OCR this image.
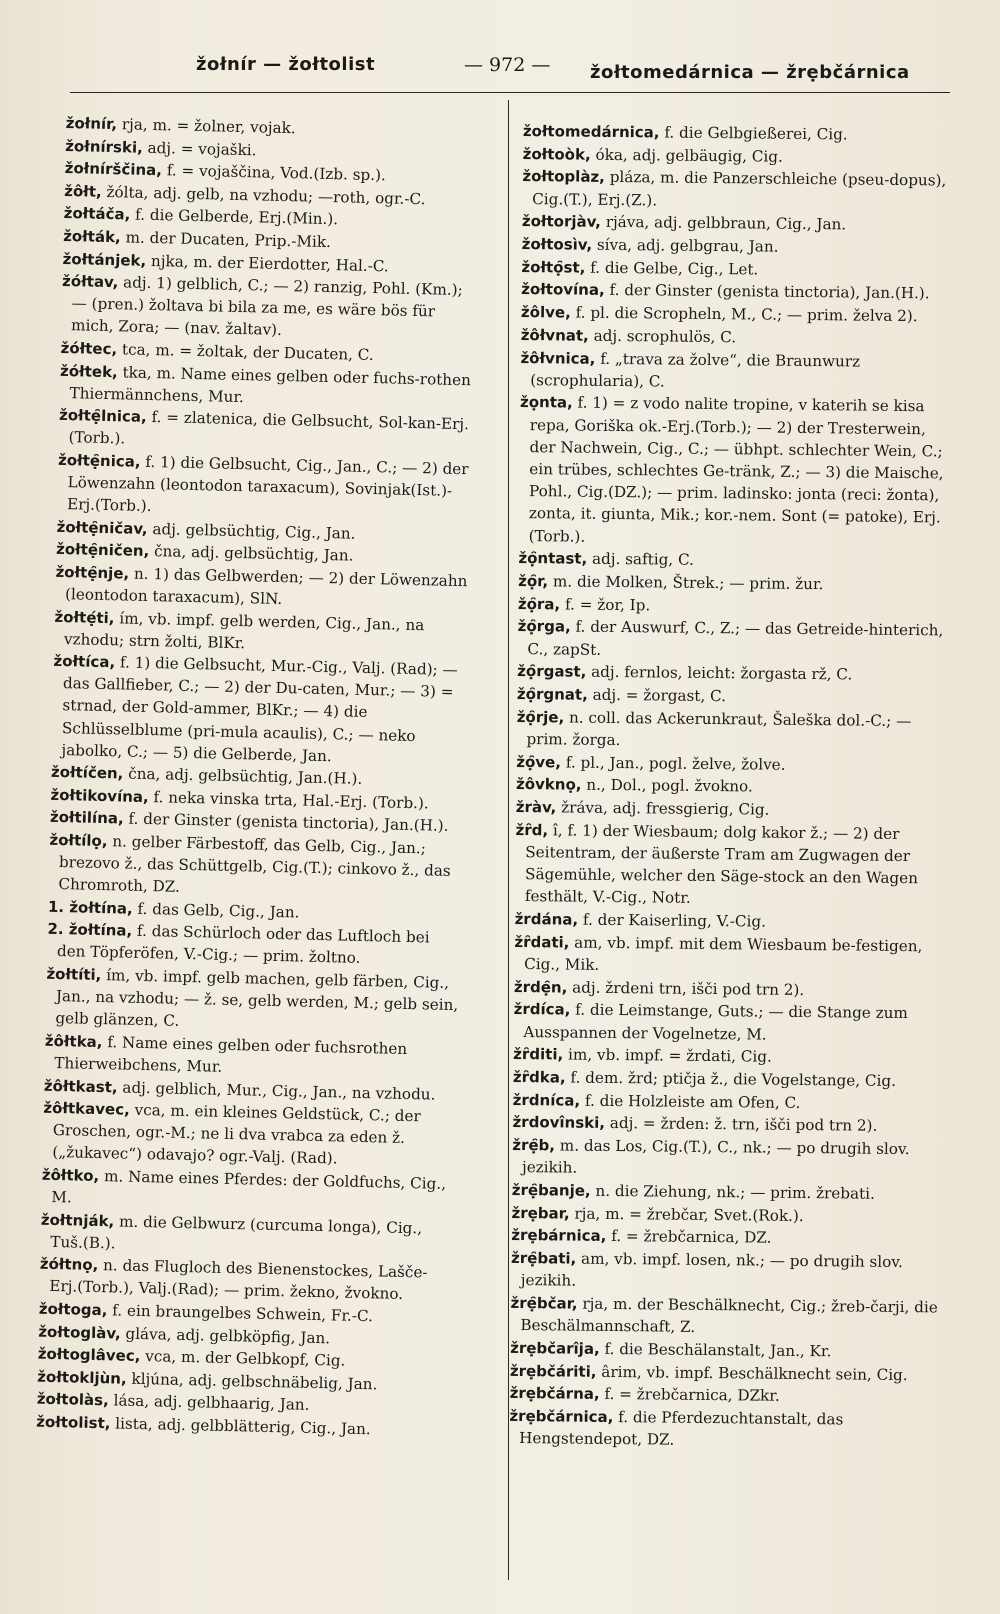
žołnír — žołtolist	— 972 — žołtomedárnica — žrẹbčárnica
žołnír, rja, m. = žolner, vojak.
žołnírski, adj. = vojaški.
žołnírščina, f. = vojaščina, Vod.(Izb. sp.).
žôłt, žólta, adj. gelb, na vzhodu; —roth, ogr.-C.
žołtáča, f. die Gelberde, Erj.(Min.).
žołták, m. der Ducaten, Prip.-Mik.
žołtánjek, njka, m. der Eierdotter, Hal.-C.
žółtav, adj. 1) gelblich, C.; — 2) ranzig, Pohl. (Km.); — (pren.) žoltava bi bila za me, es wäre bös für mich, Zora; — (nav. žaltav).
žółtec, tca, m. = žoltak, der Ducaten, C.
žółtek, tka, m. Name eines gelben oder fuchs-rothen Thiermännchens, Mur.
žołtẹ̑lnica, f. = zlatenica, die Gelbsucht, Sol-kan-Erj.(Torb.).
žołtẹ̑nica, f. 1) die Gelbsucht, Cig., Jan., C.; — 2) der Löwenzahn (leontodon taraxacum), Sovinjak(Ist.)-Erj.(Torb.).
žołtẹ̑ničav, adj. gelbsüchtig, Cig., Jan.
žołtẹ̑ničen, čna, adj. gelbsüchtig, Jan.
žołtẹ̑nje, n. 1) das Gelbwerden; — 2) der Löwenzahn (leontodon taraxacum), SlN.
žołtẹ́ti, ím, vb. impf. gelb werden, Cig., Jan., na vzhodu; strn žolti, BlKr.
žołtíca, f. 1) die Gelbsucht, Mur.-Cig., Valj. (Rad); — das Gallfieber, C.; — 2) der Du-caten, Mur.; — 3) = strnad, der Gold-ammer, BlKr.; — 4) die Schlüsselblume (pri-mula acaulis), C.; — neko jabolko, C.; — 5) die Gelberde, Jan.
žołtíčen, čna, adj. gelbsüchtig, Jan.(H.).
žołtikovína, f. neka vinska trta, Hal.-Erj. (Torb.).
žołtilína, f. der Ginster (genista tinctoria), Jan.(H.).
žołtílọ, n. gelber Färbestoff, das Gelb, Cig., Jan.; brezovo ž., das Schüttgelb, Cig.(T.); cinkovo ž., das Chromroth, DZ.
1. žołtína, f. das Gelb, Cig., Jan.
2. žołtína, f. das Schürloch oder das Luftloch bei den Töpferöfen, V.-Cig.; — prim. žoltno.
žołtíti, ím, vb. impf. gelb machen, gelb färben, Cig., Jan., na vzhodu; — ž. se, gelb werden, M.; gelb sein, gelb glänzen, C.
žôłtka, f. Name eines gelben oder fuchsrothen Thierweibchens, Mur.
žôłtkast, adj. gelblich, Mur., Cig., Jan., na vzhodu.
žôłtkavec, vca, m. ein kleines Geldstück, C.; der Groschen, ogr.-M.; ne li dva vrabca za eden ž. („žukavec“) odavajo? ogr.-Valj. (Rad).
žôłtko, m. Name eines Pferdes: der Goldfuchs, Cig., M.
žołtnják, m. die Gelbwurz (curcuma longa), Cig., Tuš.(B.).
žółtnọ, n. das Flugloch des Bienenstockes, Lašče-Erj.(Torb.), Valj.(Rad); — prim. žekno, žvokno.
žołtoga, f. ein braungelbes Schwein, Fr.-C.
žołtoglàv, gláva, adj. gelbköpfig, Jan.
žołtoglâvec, vca, m. der Gelbkopf, Cig.
žołtokljùn, kljúna, adj. gelbschnäbelig, Jan.
žołtolàs, lása, adj. gelbhaarig, Jan.
žołtolist, lista, adj. gelbblätterig, Cig., Jan.
žołtomedárnica, f. die Gelbgießerei, Cig.
žołtoòk, óka, adj. gelbäugig, Cig.
žołtoplàz, pláza, m. die Panzerschleiche (pseu-dopus), Cig.(T.), Erj.(Z.).
žołtorjàv, rjáva, adj. gelbbraun, Cig., Jan.
žołtosìv, síva, adj. gelbgrau, Jan.
žołtọ̑st, f. die Gelbe, Cig., Let.
žołtovína, f. der Ginster (genista tinctoria), Jan.(H.).
žôlve, f. pl. die Scropheln, M., C.; — prim. želva 2).
žôłvnat, adj. scrophulös, C.
žôłvnica, f. „trava za žolve“, die Braunwurz (scrophularia), C.
žọnta, f. 1) = z vodo nalite tropine, v katerih se kisa repa, Goriška ok.-Erj.(Torb.); — 2) der Tresterwein, der Nachwein, Cig., C.; — übhpt. schlechter Wein, C.; ein trübes, schlechtes Ge-tränk, Z.; — 3) die Maische, Pohl., Cig.(DZ.); — prim. ladinsko: jonta (reci: žonta), zonta, it. giunta, Mik.; kor.-nem. Sont (= patoke), Erj.(Torb.).
žọ̑ntast, adj. saftig, C.
žọ̑r, m. die Molken, Štrek.; — prim. žur.
žọ̑ra, f. = žor, Ip.
žọ̑rga, f. der Auswurf, C., Z.; — das Getreide-hinterich, C., zapSt.
žọ̑rgast, adj. fernlos, leicht: žorgasta rž, C.
žọ̑rgnat, adj. = žorgast, C.
žọ̑rje, n. coll. das Ackerunkraut, Šaleška dol.-C.; — prim. žorga.
žọ̑ve, f. pl., Jan., pogl. želve, žolve.
žôvknọ, n., Dol., pogl. žvokno.
žràv, žráva, adj. fressgierig, Cig.
žȓd, î, f. 1) der Wiesbaum; dolg kakor ž.; — 2) der Seitentram, der äußerste Tram am Zugwagen der Sägemühle, welcher den Säge-stock an den Wagen festhält, V.-Cig., Notr.
žrdána, f. der Kaiserling, V.-Cig.
žȓdati, am, vb. impf. mit dem Wiesbaum be-festigen, Cig., Mik.
žrdẹ̑n, adj. žrdeni trn, išči pod trn 2).
žrdíca, f. die Leimstange, Guts.; — die Stange zum Ausspannen der Vogelnetze, M.
žȓditi, im, vb. impf. = žrdati, Cig.
žȓdka, f. dem. žrd; ptičja ž., die Vogelstange, Cig.
žrdníca, f. die Holzleiste am Ofen, C.
žrdovînski, adj. = žrden: ž. trn, išči pod trn 2).
žrẹ̑b, m. das Los, Cig.(T.), C., nk.; — po drugih slov. jezikih.
žrẹ̑banje, n. die Ziehung, nk.; — prim. žrebati.
žrẹbar, rja, m. = žrebčar, Svet.(Rok.).
žrẹbárnica, f. = žrebčarnica, DZ.
žrẹ̑bati, am, vb. impf. losen, nk.; — po drugih slov. jezikih.
žrẹ̑bčar, rja, m. der Beschälknecht, Cig.; žreb-čarji, die Beschälmannschaft, Z.
žrẹbčarîja, f. die Beschälanstalt, Jan., Kr.
žrẹbčáriti, ârim, vb. impf. Beschälknecht sein, Cig.
žrẹbčárna, f. = žrebčarnica, DZkr.
žrẹbčárnica, f. die Pferdezuchtanstalt, das Hengstendepot, DZ.
